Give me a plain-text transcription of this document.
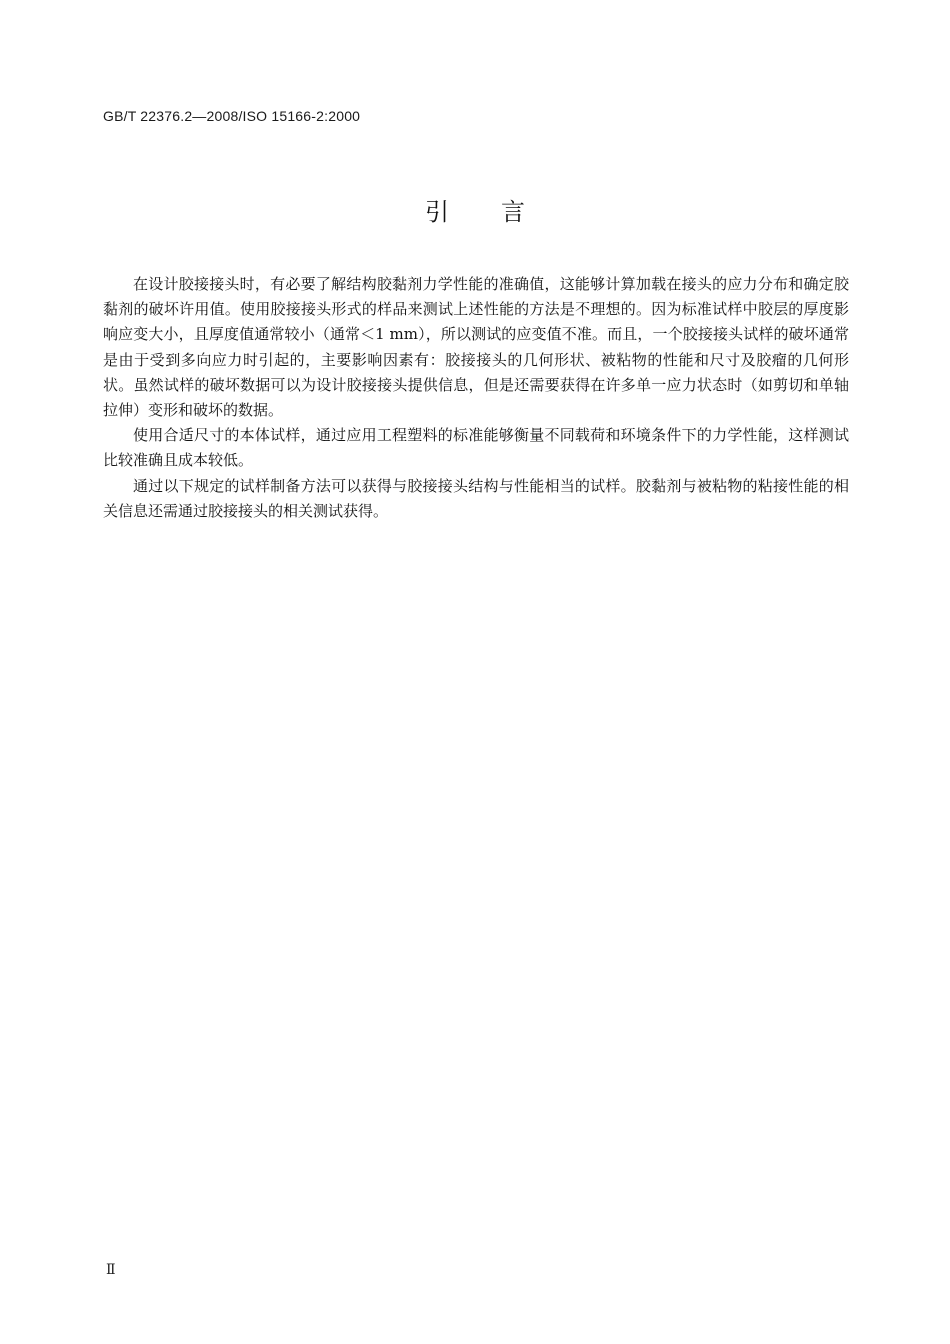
GB/T 22376.2—2008/ISO 15166-2:2000
引 言

在设计胶接接头时，有必要了解结构胶黏剂力学性能的准确值，这能够计算加载在接头的应力分布和确定胶黏剂的破坏许用值。使用胶接接头形式的样品来测试上述性能的方法是不理想的。因为标准试样中胶层的厚度影响应变大小，且厚度值通常较小（通常＜1 mm），所以测试的应变值不准。而且，一个胶接接头试样的破坏通常是由于受到多向应力时引起的，主要影响因素有：胶接接头的几何形状、被粘物的性能和尺寸及胶瘤的几何形状。虽然试样的破坏数据可以为设计胶接接头提供信息，但是还需要获得在许多单一应力状态时（如剪切和单轴拉伸）变形和破坏的数据。

使用合适尺寸的本体试样，通过应用工程塑料的标准能够衡量不同载荷和环境条件下的力学性能，这样测试比较准确且成本较低。

通过以下规定的试样制备方法可以获得与胶接接头结构与性能相当的试样。胶黏剂与被粘物的粘接性能的相关信息还需通过胶接接头的相关测试获得。

Ⅱ
